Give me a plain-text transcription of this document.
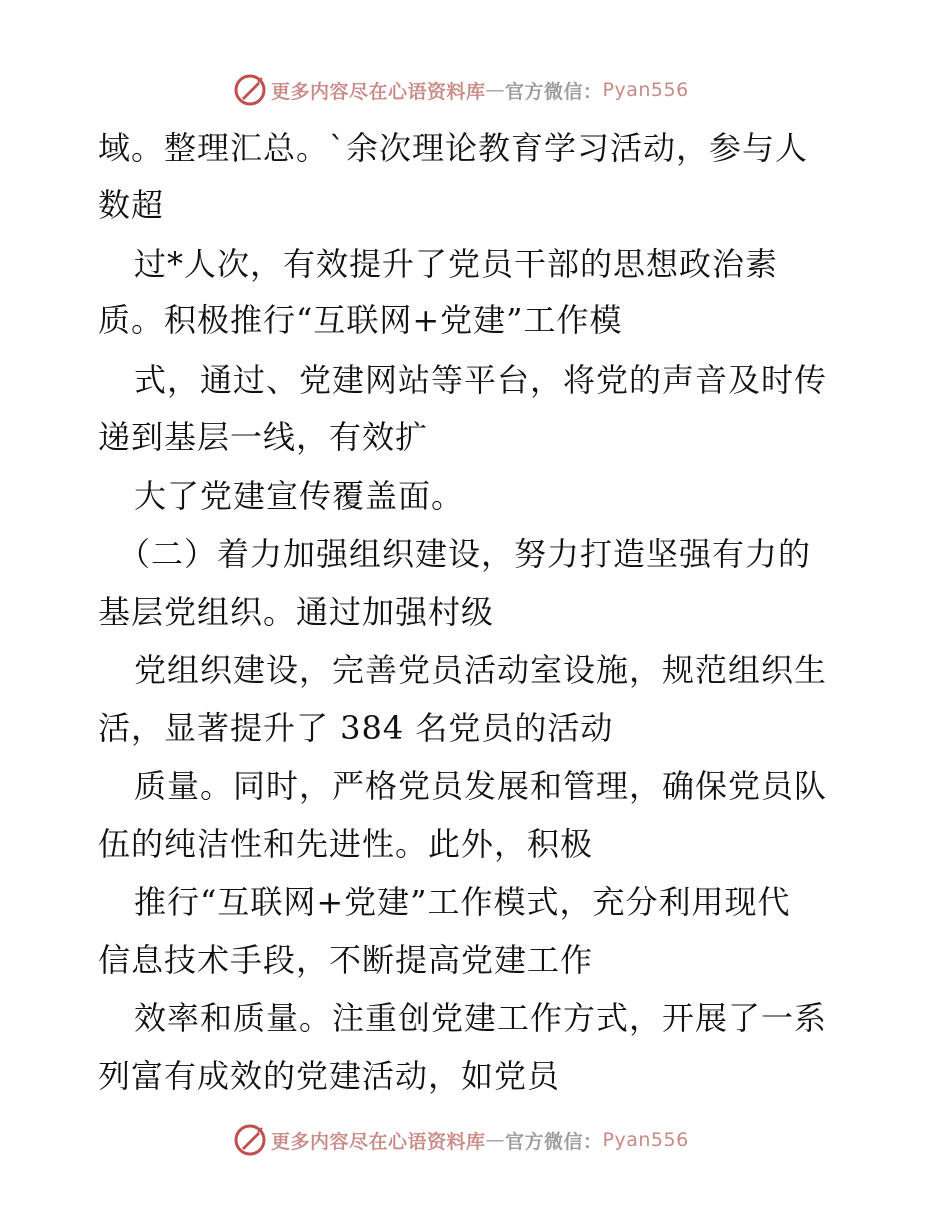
更多内容尽在心语资料库 — 官方微信： Pyan556
域。整理汇总。`余次理论教育学习活动，参与人
数超
过*人次，有效提升了党员干部的思想政治素
质。积极推行“互联网+党建”工作模
式，通过、党建网站等平台，将党的声音及时传
递到基层一线，有效扩
大了党建宣传覆盖面。
（二）着力加强组织建设，努力打造坚强有力的
基层党组织。通过加强村级
党组织建设，完善党员活动室设施，规范组织生
活，显著提升了 384 名党员的活动
质量。同时，严格党员发展和管理，确保党员队
伍的纯洁性和先进性。此外，积极
推行“互联网+党建”工作模式，充分利用现代
信息技术手段，不断提高党建工作
效率和质量。注重创党建工作方式，开展了一系
列富有成效的党建活动，如党员
更多内容尽在心语资料库 — 官方微信： Pyan556
